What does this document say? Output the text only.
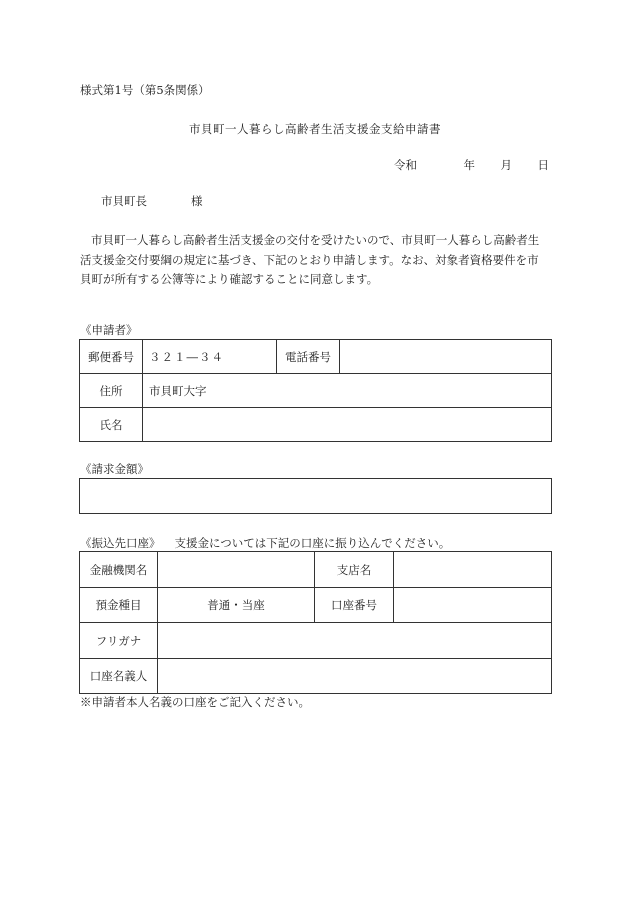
様式第1号（第5条関係）
市貝町一人暮らし高齢者生活支援金支給申請書
令和	年 月 日
市貝町長	様
市貝町一人暮らし高齢者生活支援金の交付を受けたいので、市貝町一人暮らし高齢者生活支援金交付要綱の規定に基づき、下記のとおり申請します。なお、対象者資格要件を市貝町が所有する公簿等により確認することに同意します。
《申請者》
郵便番号	３２１―３４	電話番号	
住所	市貝町大字		
氏名			
《請求金額》
《振込先口座》 支援金については下記の口座に振り込んでください。
金融機関名		支店名	
預金種目	普通・当座	口座番号	
フリガナ			
口座名義人			
※申請者本人名義の口座をご記入ください。
